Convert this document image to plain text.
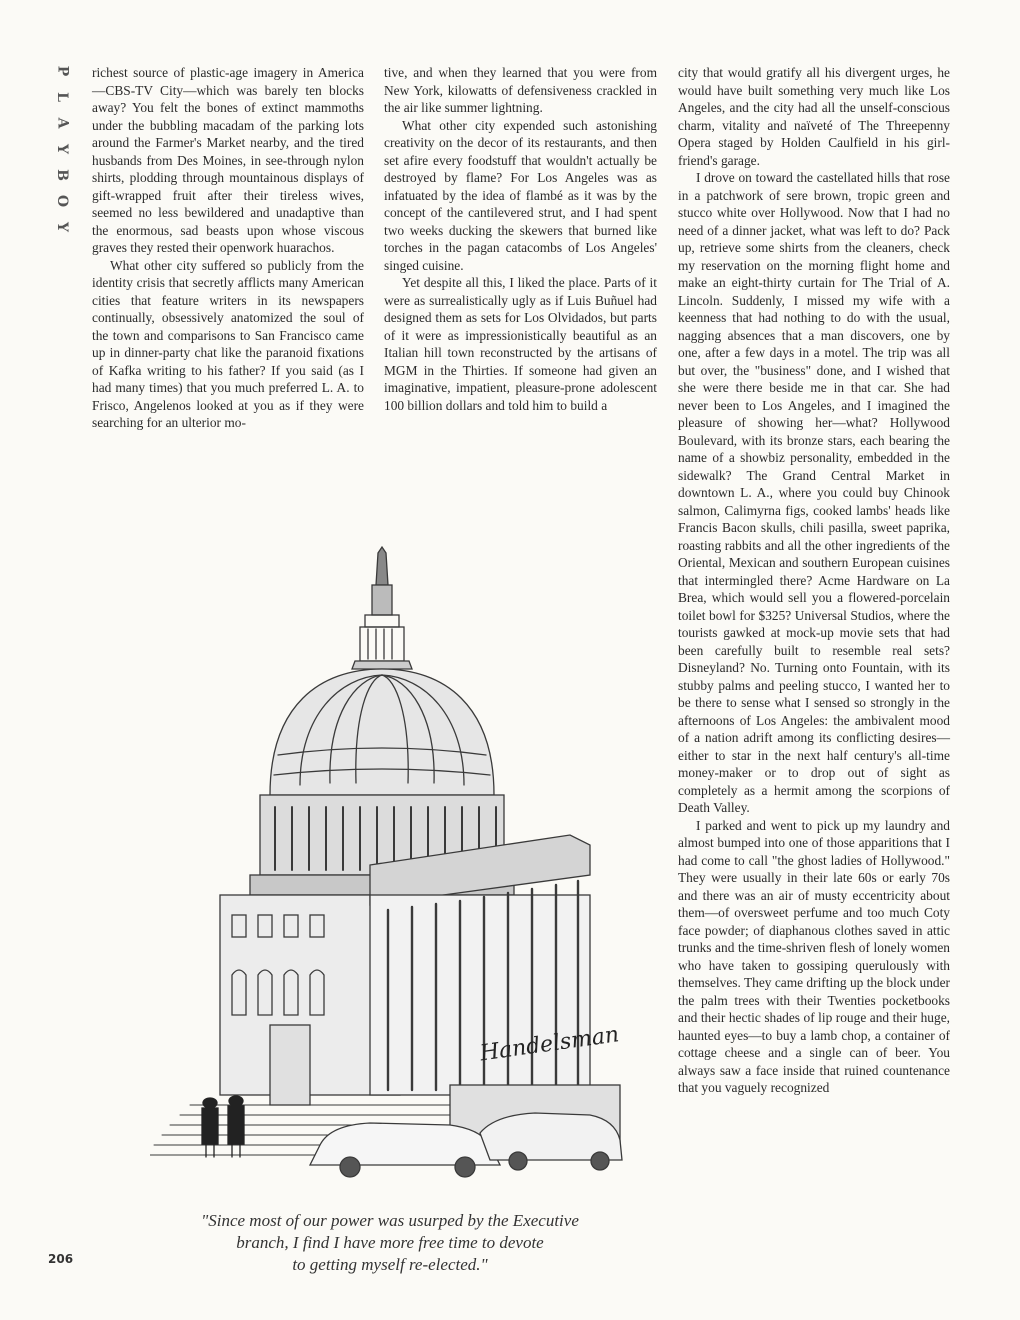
P
L
A
Y
B
O
Y

richest source of plastic-age imagery in America—CBS-TV City—which was barely ten blocks away? You felt the bones of extinct mammoths under the bubbling macadam of the parking lots around the Farmer's Market nearby, and the tired husbands from Des Moines, in see-through nylon shirts, plodding through mountainous displays of gift-wrapped fruit after their tireless wives, seemed no less bewildered and unadaptive than the enormous, sad beasts upon whose viscous graves they rested their openwork huarachos.

What other city suffered so publicly from the identity crisis that secretly afflicts many American cities that feature writers in its newspapers continually, obsessively anatomized the soul of the town and comparisons to San Francisco came up in dinner-party chat like the paranoid fixations of Kafka writing to his father? If you said (as I had many times) that you much preferred L. A. to Frisco, Angelenos looked at you as if they were searching for an ulterior mo-

tive, and when they learned that you were from New York, kilowatts of defensiveness crackled in the air like summer lightning.

What other city expended such astonishing creativity on the decor of its restaurants, and then set afire every foodstuff that wouldn't actually be destroyed by flame? For Los Angeles was as infatuated by the idea of flambé as it was by the concept of the cantilevered strut, and I had spent two weeks ducking the skewers that burned like torches in the pagan catacombs of Los Angeles' singed cuisine.

Yet despite all this, I liked the place. Parts of it were as surrealistically ugly as if Luis Buñuel had designed them as sets for Los Olvidados, but parts of it were as impressionistically beautiful as an Italian hill town reconstructed by the artisans of MGM in the Thirties. If someone had given an imaginative, impatient, pleasure-prone adolescent 100 billion dollars and told him to build a

city that would gratify all his divergent urges, he would have built something very much like Los Angeles, and the city had all the unself-conscious charm, vitality and naïveté of The Threepenny Opera staged by Holden Caulfield in his girl-friend's garage.

I drove on toward the castellated hills that rose in a patchwork of sere brown, tropic green and stucco white over Hollywood. Now that I had no need of a dinner jacket, what was left to do? Pack up, retrieve some shirts from the cleaners, check my reservation on the morning flight home and make an eight-thirty curtain for The Trial of A. Lincoln. Suddenly, I missed my wife with a keenness that had nothing to do with the usual, nagging absences that a man discovers, one by one, after a few days in a motel. The trip was all but over, the "business" done, and I wished that she were there beside me in that car. She had never been to Los Angeles, and I imagined the pleasure of showing her—what? Hollywood Boulevard, with its bronze stars, each bearing the name of a showbiz personality, embedded in the sidewalk? The Grand Central Market in downtown L. A., where you could buy Chinook salmon, Calimyrna figs, cooked lambs' heads like Francis Bacon skulls, chili pasilla, sweet paprika, roasting rabbits and all the other ingredients of the Oriental, Mexican and southern European cuisines that intermingled there? Acme Hardware on La Brea, which would sell you a flowered-porcelain toilet bowl for $325? Universal Studios, where the tourists gawked at mock-up movie sets that had been carefully built to resemble real sets? Disneyland? No. Turning onto Fountain, with its stubby palms and peeling stucco, I wanted her to be there to sense what I sensed so strongly in the afternoons of Los Angeles: the ambivalent mood of a nation adrift among its conflicting desires—either to star in the next half century's all-time money-maker or to drop out of sight as completely as a hermit among the scorpions of Death Valley.

I parked and went to pick up my laundry and almost bumped into one of those apparitions that I had come to call "the ghost ladies of Hollywood." They were usually in their late 60s or early 70s and there was an air of musty eccentricity about them—of oversweet perfume and too much Coty face powder; of diaphanous clothes saved in attic trunks and the time-shriven flesh of lonely women who have taken to gossiping querulously with themselves. They came drifting up the block under the palm trees with their Twenties pocketbooks and their hectic shades of lip rouge and their huge, haunted eyes—to buy a lamb chop, a container of cottage cheese and a single can of beer. You always saw a face inside that ruined countenance that you vaguely recognized

Handelsman
"Since most of our power was usurped by the Executive
branch, I find I have more free time to devote
to getting myself re-elected."
206
